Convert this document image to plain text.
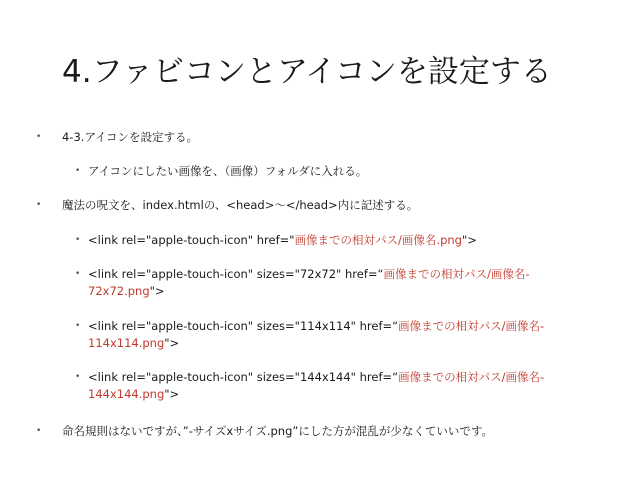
4.ファビコンとアイコンを設定する
• 4-3.アイコンを設定する。
• アイコンにしたい画像を、（画像）フォルダに入れる。
• 魔法の呪文を、index.htmlの、<head>〜</head>内に記述する。
• <link rel="apple-touch-icon" href="画像までの相対パス/画像名.png">
• <link rel="apple-touch-icon" sizes="72x72" href=“画像までの相対パス/画像名-
72x72.png">
• <link rel="apple-touch-icon" sizes="114x114" href=“画像までの相対パス/画像名-
114x114.png">
• <link rel="apple-touch-icon" sizes="144x144" href=“画像までの相対パス/画像名-
144x144.png">
• 命名規則はないですが、”-サイズxサイズ.png”にした方が混乱が少なくていいです。
